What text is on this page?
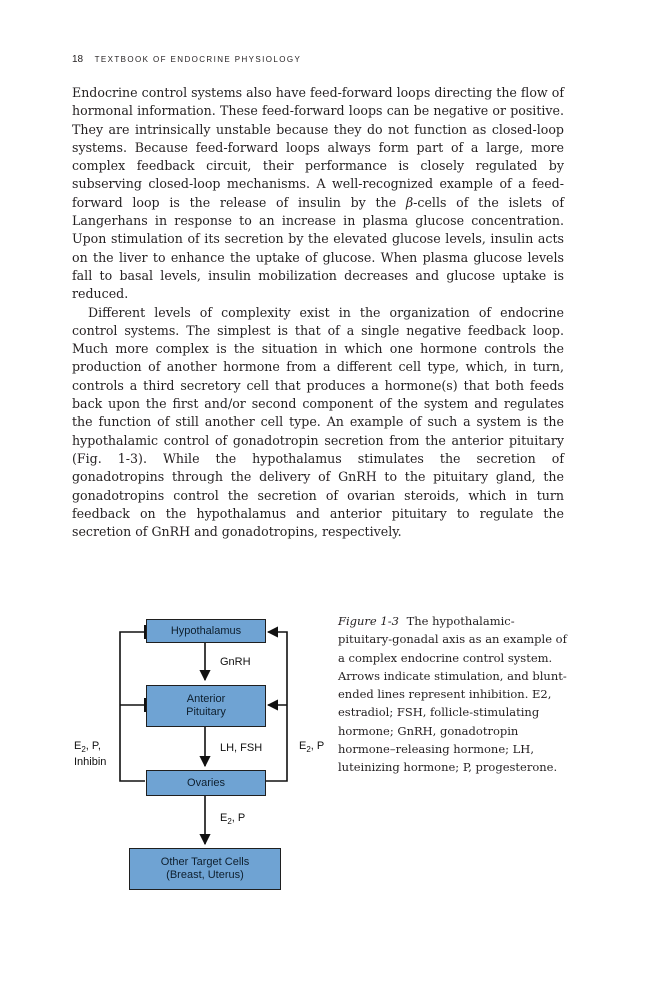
18 TEXTBOOK OF ENDOCRINE PHYSIOLOGY

Endocrine control systems also have feed-forward loops directing the flow of hormonal information. These feed-forward loops can be negative or positive. They are intrinsically unstable because they do not function as closed-loop systems. Because feed-forward loops always form part of a large, more complex feedback circuit, their performance is closely regulated by subserving closed-loop mechanisms. A well-recognized example of a feed-forward loop is the release of insulin by the β-cells of the islets of Langerhans in response to an increase in plasma glucose concentration. Upon stimulation of its secretion by the elevated glucose levels, insulin acts on the liver to enhance the uptake of glucose. When plasma glucose levels fall to basal levels, insulin mobilization decreases and glucose uptake is reduced.

Different levels of complexity exist in the organization of endocrine control systems. The simplest is that of a single negative feedback loop. Much more complex is the situation in which one hormone controls the production of another hormone from a different cell type, which, in turn, controls a third secretory cell that produces a hormone(s) that both feeds back upon the first and/or second component of the system and regulates the function of still another cell type. An example of such a system is the hypothalamic control of gonadotropin secretion from the anterior pituitary (Fig. 1-3). While the hypothalamus stimulates the secretion of gonadotropins through the delivery of GnRH to the pituitary gland, the gonadotropins control the secretion of ovarian steroids, which in turn feedback on the hypothalamus and anterior pituitary to regulate the secretion of GnRH and gonadotropins, respectively.

Hypothalamus
Anterior
Pituitary
Ovaries
Other Target Cells
(Breast, Uterus)
GnRH
LH, FSH
$E_2$, P
$E_2$, P,
Inhibin
$E_2$, P
Figure 1-3 The hypothalamic-pituitary-gonadal axis as an example of a complex endocrine control system. Arrows indicate stimulation, and blunt-ended lines represent inhibition. E2, estradiol; FSH, follicle-stimulating hormone; GnRH, gonadotropin hormone–releasing hormone; LH, luteinizing hormone; P, progesterone.
